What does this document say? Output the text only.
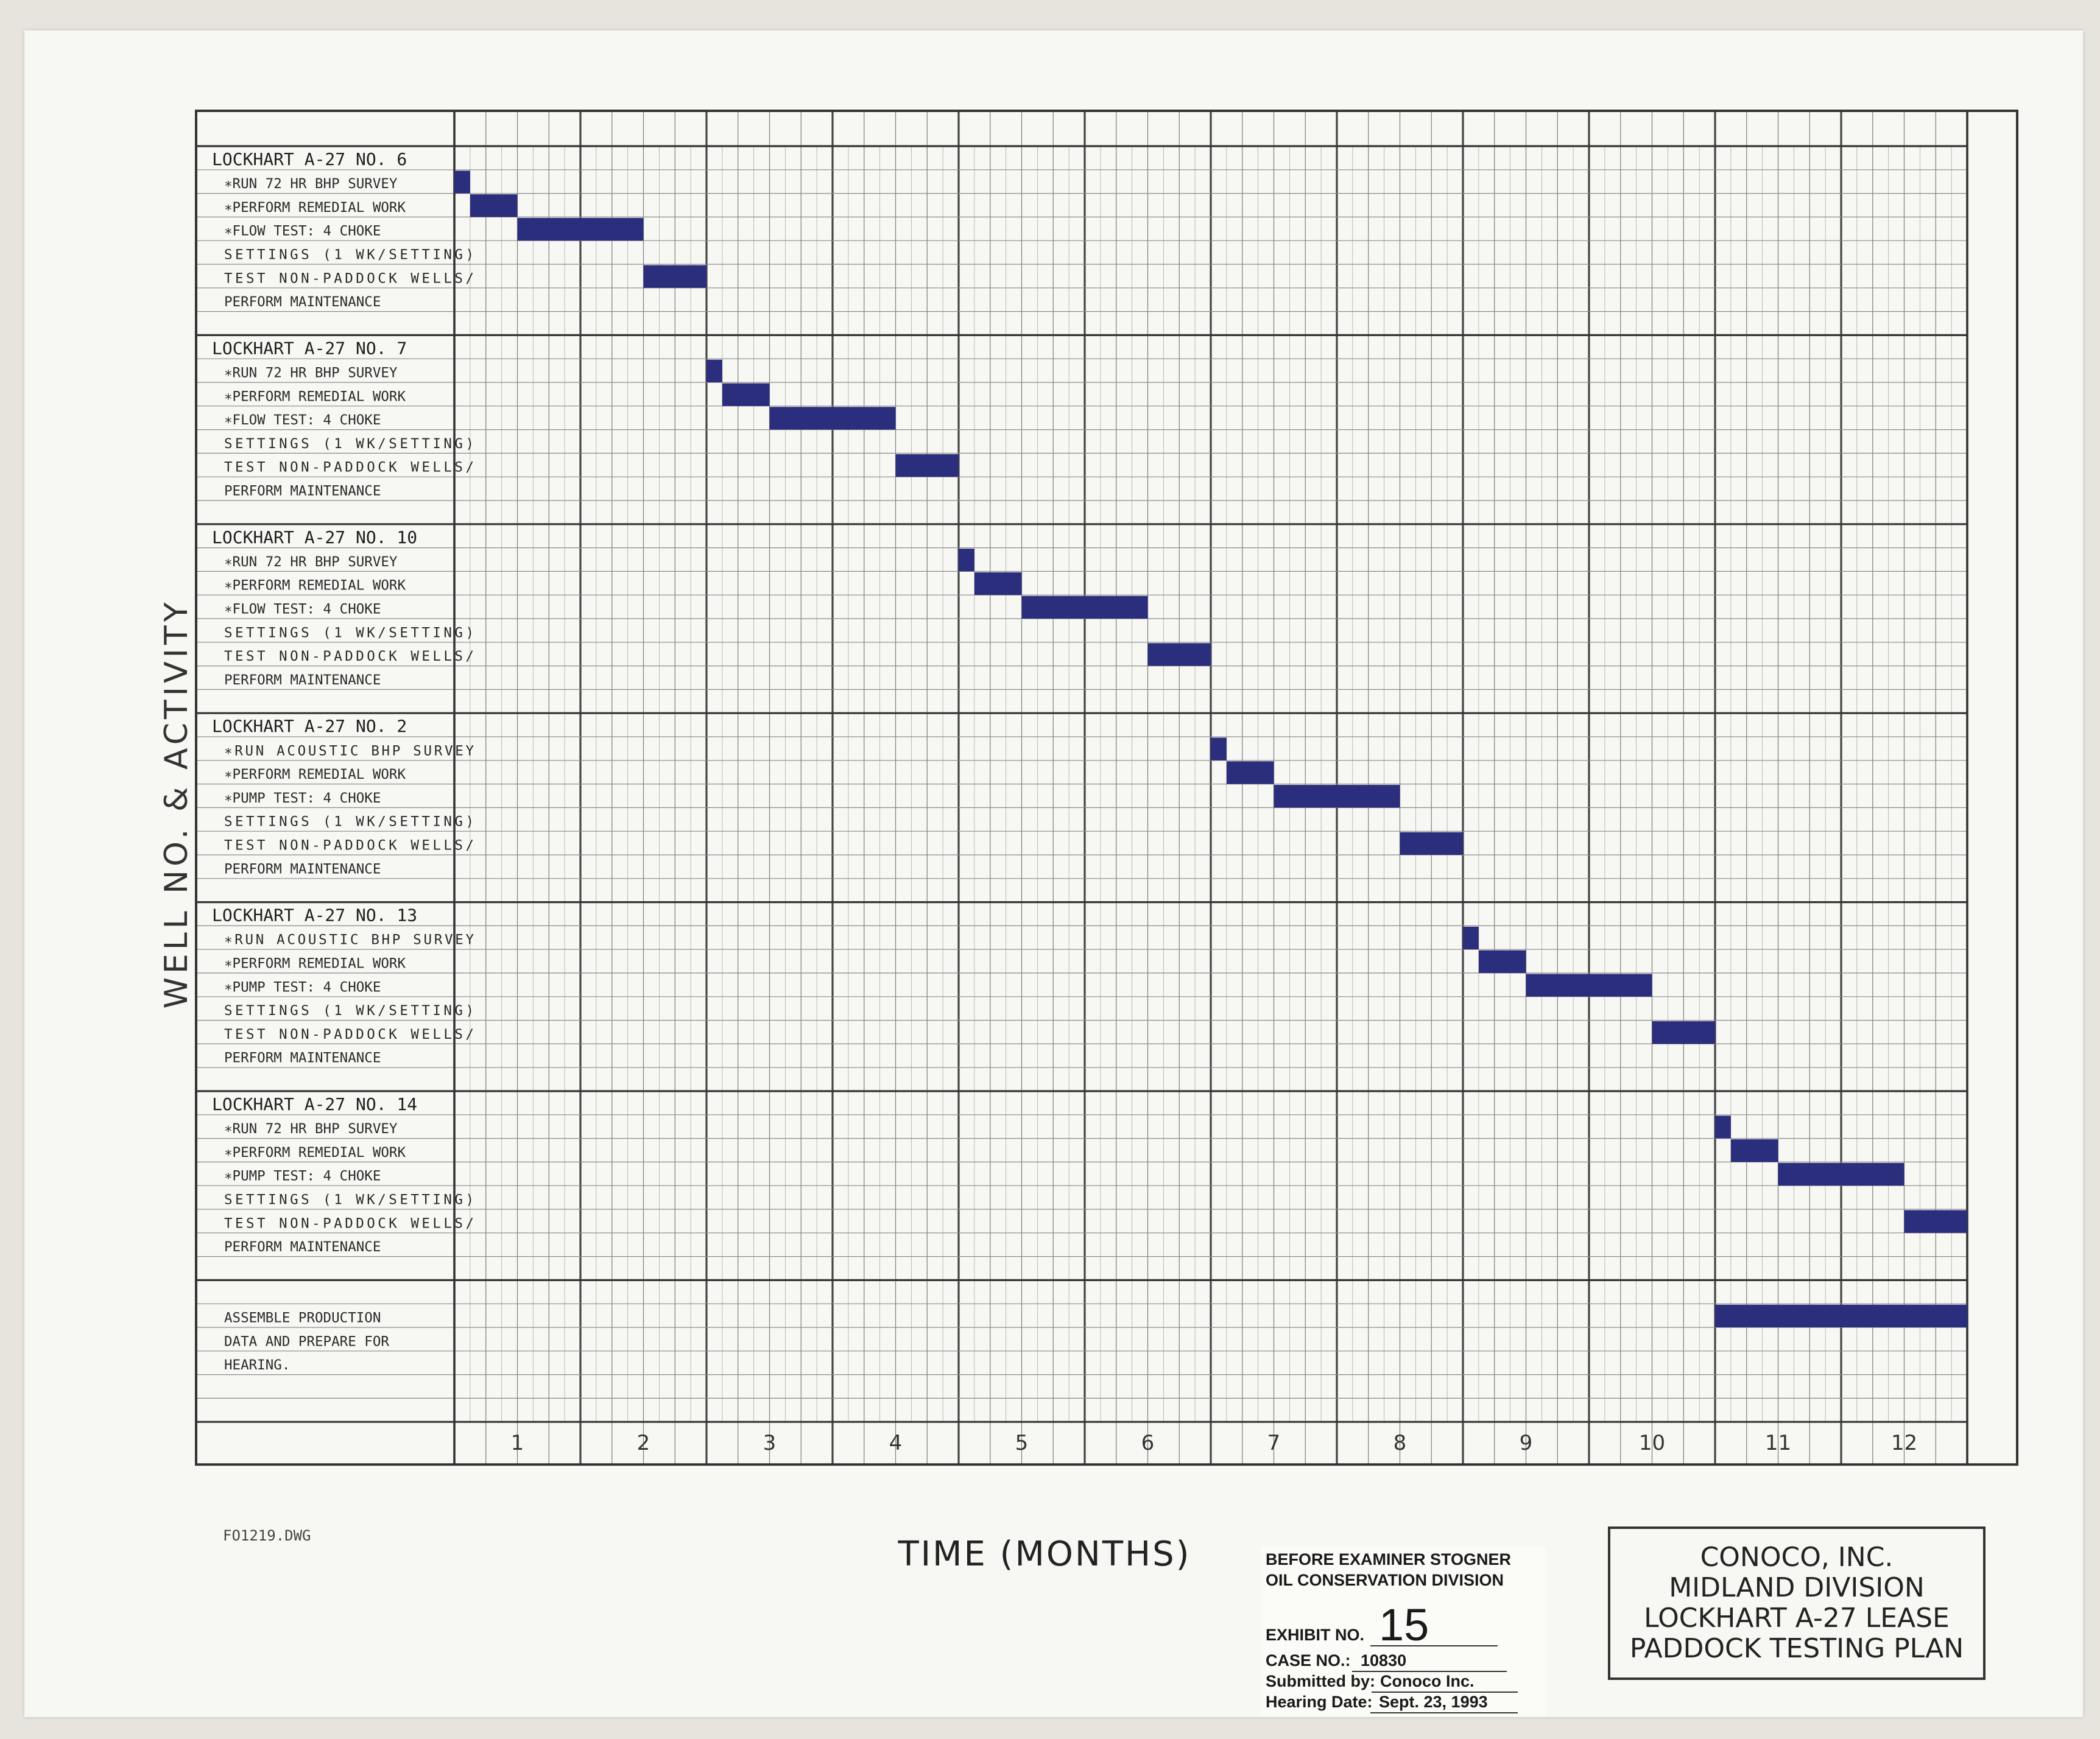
LOCKHART A-27 NO. 6
∗RUN 72 HR BHP SURVEY
∗PERFORM REMEDIAL WORK
∗FLOW TEST: 4 CHOKE
SETTINGS (1 WK/SETTING)
TEST NON-PADDOCK WELLS/
PERFORM MAINTENANCE
LOCKHART A-27 NO. 7
∗RUN 72 HR BHP SURVEY
∗PERFORM REMEDIAL WORK
∗FLOW TEST: 4 CHOKE
SETTINGS (1 WK/SETTING)
TEST NON-PADDOCK WELLS/
PERFORM MAINTENANCE
LOCKHART A-27 NO. 10
∗RUN 72 HR BHP SURVEY
∗PERFORM REMEDIAL WORK
∗FLOW TEST: 4 CHOKE
SETTINGS (1 WK/SETTING)
TEST NON-PADDOCK WELLS/
PERFORM MAINTENANCE
LOCKHART A-27 NO. 2
∗RUN ACOUSTIC BHP SURVEY
∗PERFORM REMEDIAL WORK
∗PUMP TEST: 4 CHOKE
SETTINGS (1 WK/SETTING)
TEST NON-PADDOCK WELLS/
PERFORM MAINTENANCE
LOCKHART A-27 NO. 13
∗RUN ACOUSTIC BHP SURVEY
∗PERFORM REMEDIAL WORK
∗PUMP TEST: 4 CHOKE
SETTINGS (1 WK/SETTING)
TEST NON-PADDOCK WELLS/
PERFORM MAINTENANCE
LOCKHART A-27 NO. 14
∗RUN 72 HR BHP SURVEY
∗PERFORM REMEDIAL WORK
∗PUMP TEST: 4 CHOKE
SETTINGS (1 WK/SETTING)
TEST NON-PADDOCK WELLS/
PERFORM MAINTENANCE
ASSEMBLE PRODUCTION
DATA AND PREPARE FOR
HEARING.
1	2	3	4	5	6	7	8	9	10	11	12
WELL NO. & ACTIVITY
TIME (MONTHS)
FO1219.DWG
BEFORE EXAMINER STOGNER
OIL CONSERVATION DIVISION
EXHIBIT NO. 15
CASE NO.: 10830
Submitted by: Conoco Inc.
Hearing Date: Sept. 23, 1993
CONOCO, INC.
MIDLAND DIVISION
LOCKHART A-27 LEASE
PADDOCK TESTING PLAN
